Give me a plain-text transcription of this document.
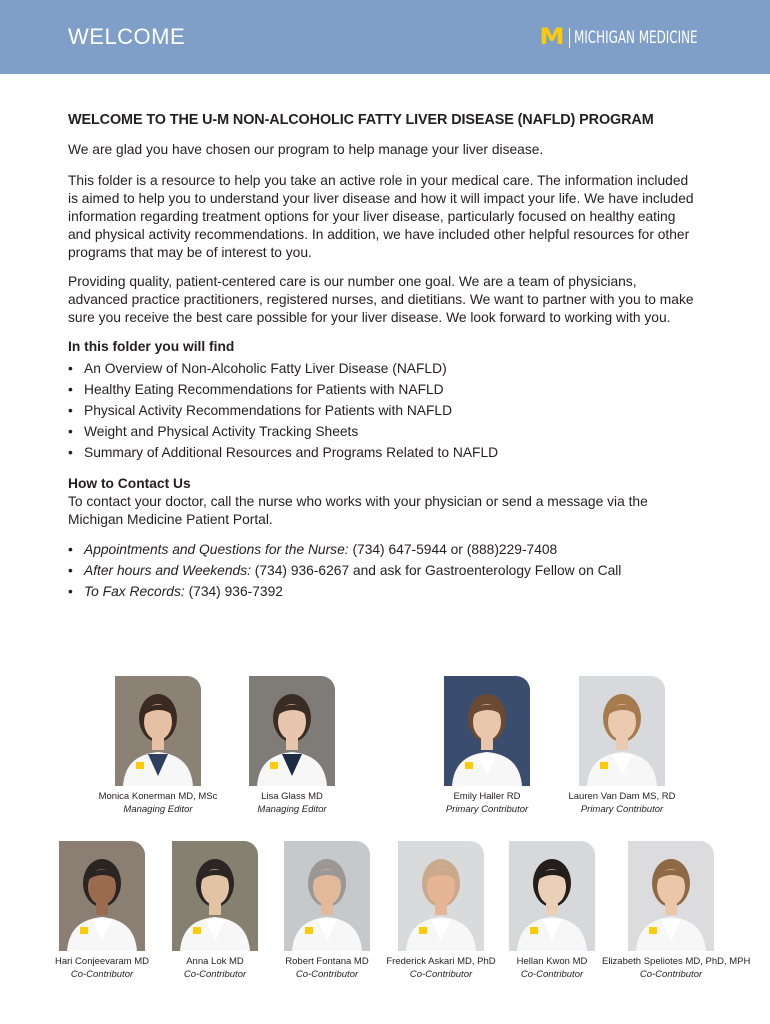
WELCOME	M MICHIGAN MEDICINE
WELCOME TO THE U-M NON-ALCOHOLIC FATTY LIVER DISEASE (NAFLD) PROGRAM

We are glad you have chosen our program to help manage your liver disease.

This folder is a resource to help you take an active role in your medical care. The information included is aimed to help you to understand your liver disease and how it will impact your life. We have included information regarding treatment options for your liver disease, particularly focused on healthy eating and physical activity recommendations. In addition, we have included other helpful resources for other programs that may be of interest to you.

Providing quality, patient-centered care is our number one goal. We are a team of physicians, advanced practice practitioners, registered nurses, and dietitians. We want to partner with you to make sure you receive the best care possible for your liver disease. We look forward to working with you.

In this folder you will find
• An Overview of Non-Alcoholic Fatty Liver Disease (NAFLD)
• Healthy Eating Recommendations for Patients with NAFLD
• Physical Activity Recommendations for Patients with NAFLD
• Weight and Physical Activity Tracking Sheets
• Summary of Additional Resources and Programs Related to NAFLD
How to Contact Us

To contact your doctor, call the nurse who works with your physician or send a message via the Michigan Medicine Patient Portal.

• Appointments and Questions for the Nurse: (734) 647-5944 or (888)229-7408
• After hours and Weekends: (734) 936-6267 and ask for Gastroenterology Fellow on Call
• To Fax Records: (734) 936-7392
Monica Konerman MD, MSc
Managing Editor
Lisa Glass MD
Managing Editor
Emily Haller RD
Primary Contributor
Lauren Van Dam MS, RD
Primary Contributor
Hari Conjeevaram MD
Co-Contributor
Anna Lok MD
Co-Contributor
Robert Fontana MD
Co-Contributor
Frederick Askari MD, PhD
Co-Contributor
Hellan Kwon MD
Co-Contributor
Elizabeth Speliotes MD, PhD, MPH
Co-Contributor
